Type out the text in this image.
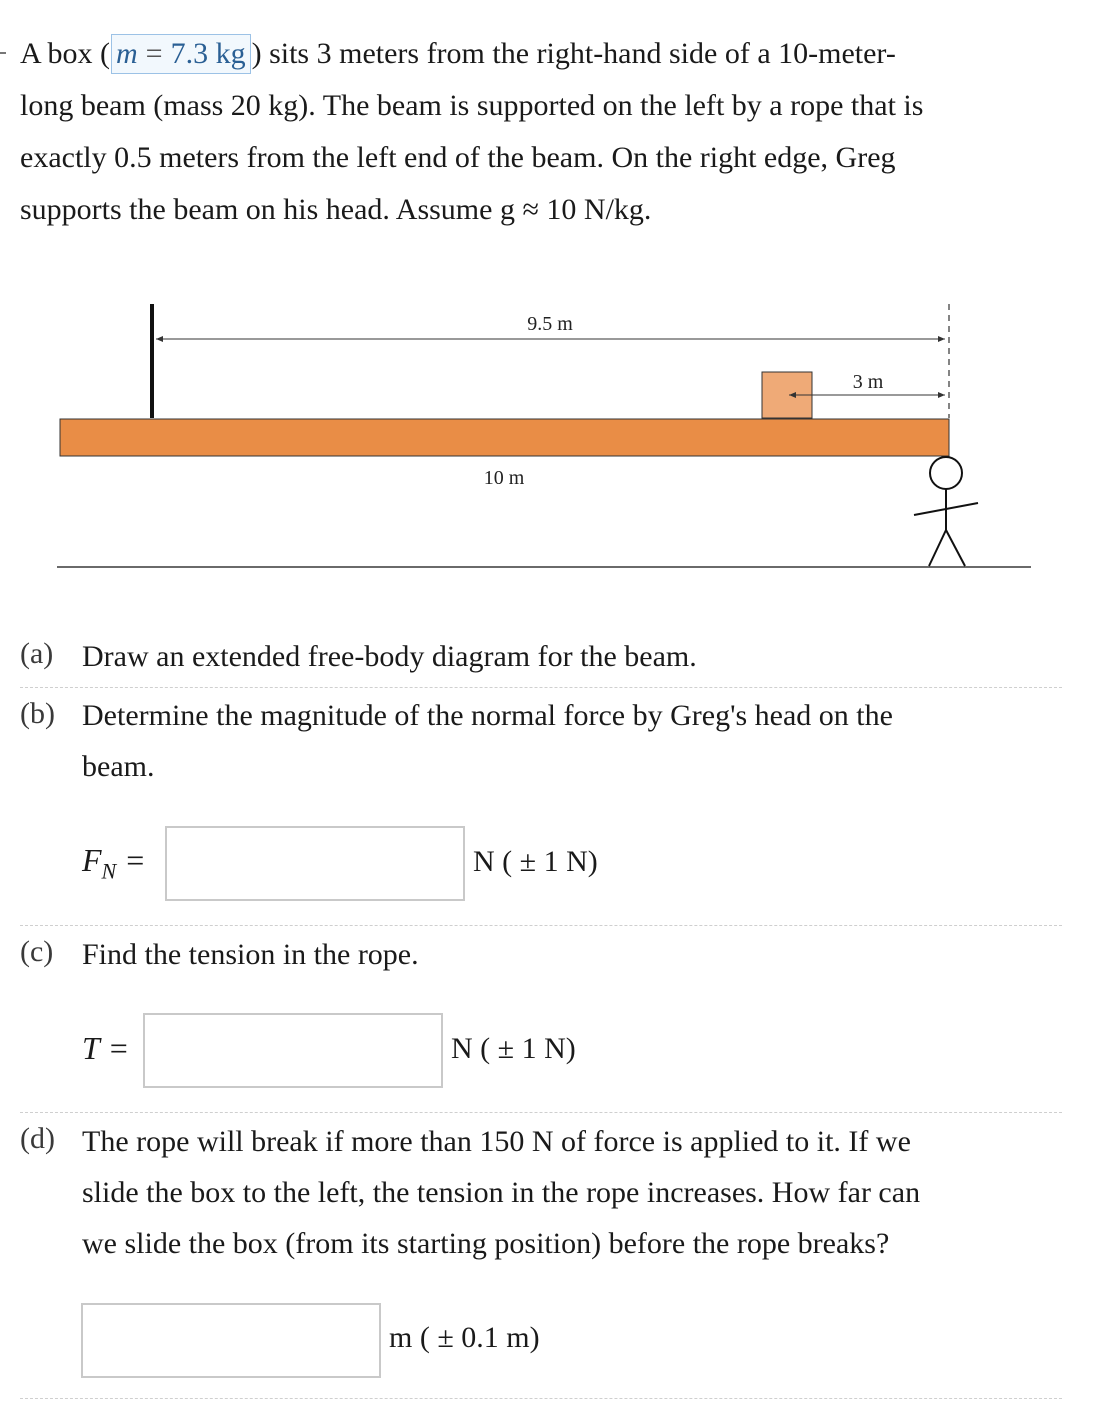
A box ( m = 7.3 kg ) sits 3 meters from the right-hand side of a 10-meter-
long beam (mass 20 kg). The beam is supported on the left by a rope that is
exactly 0.5 meters from the left end of the beam. On the right edge, Greg
supports the beam on his head. Assume g ≈ 10 N/kg.
9.5 m
3 m
10 m
(a) Draw an extended free-body diagram for the beam.
(b) Determine the magnitude of the normal force by Greg's head on the
beam.
$F_N$ =	N ( ± 1 N)
(c) Find the tension in the rope.
T =	N ( ± 1 N)
(d) The rope will break if more than 150 N of force is applied to it. If we
slide the box to the left, the tension in the rope increases. How far can
we slide the box (from its starting position) before the rope breaks?
m ( ± 0.1 m)
